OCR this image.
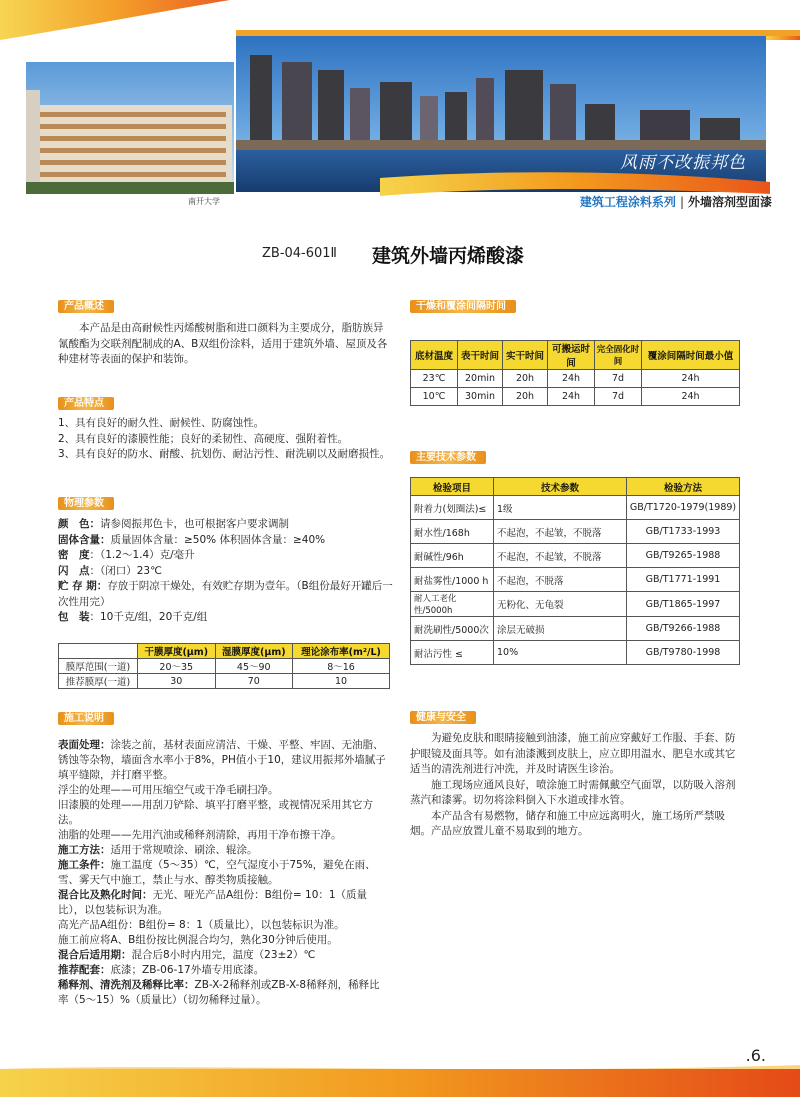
风雨不改振邦色
南开大学	建筑工程涂料系列 | 外墙溶剂型面漆
ZB-04-601Ⅱ 建筑外墙丙烯酸漆
产品概述
本产品是由高耐候性丙烯酸树脂和进口颜料为主要成分，脂肪族异氰酸酯为交联剂配制成的A、B双组份涂料，适用于建筑外墙、屋顶及各种建材等表面的保护和装饰。
产品特点
1、具有良好的耐久性、耐候性、防腐蚀性。
2、具有良好的漆膜性能；良好的柔韧性、高硬度、强附着性。
3、具有良好的防水、耐酸、抗划伤、耐沾污性、耐洗刷以及耐磨损性。
物理参数
颜　色：请参阅振邦色卡，也可根据客户要求调制
固体含量：质量固体含量：≥50% 体积固体含量：≥40%
密　度：（1.2～1.4）克/毫升
闪　点：（闭口）23℃
贮 存 期：存放于阴凉干燥处，有效贮存期为壹年。（B组份最好开罐后一次性用完）
包　装：10千克/组，20千克/组
	干膜厚度(μm)	湿膜厚度(μm)	理论涂布率(m²/L)
膜厚范围(一道)	20～35	45～90	8～16
推荐膜厚(一道)	30	70	10
施工说明
表面处理：涂装之前，基材表面应清洁、干燥、平整、牢固、无油脂、锈蚀等杂物，墙面含水率小于8%，PH值小于10，建议用振邦外墙腻子填平缝隙，并打磨平整。
浮尘的处理——可用压缩空气或干净毛刷扫净。
旧漆膜的处理——用刮刀铲除、填平打磨平整，或视情况采用其它方法。
油脂的处理——先用汽油或稀释剂清除，再用干净布擦干净。
施工方法：适用于常规喷涂、刷涂、辊涂。
施工条件：施工温度（5～35）℃，空气湿度小于75%，避免在雨、雪、雾天气中施工，禁止与水、醇类物质接触。
混合比及熟化时间：无光、哑光产品A组份：B组份= 10：1（质量比），以包装标识为准。
高光产品A组份：B组份= 8：1（质量比），以包装标识为准。
施工前应将A、B组份按比例混合均匀，熟化30分钟后使用。
混合后适用期：混合后8小时内用完，温度（23±2）℃
推荐配套：底漆；ZB-06-17外墙专用底漆。
稀释剂、清洗剂及稀释比率：ZB-X-2稀释剂或ZB-X-8稀释剂，稀释比率（5～15）%（质量比）（切勿稀释过量）。
干燥和覆涂间隔时间
底材温度	表干时间	实干时间	可搬运时间	完全固化时间	覆涂间隔时间最小值
23℃	20min	20h	24h	7d	24h
10℃	30min	20h	24h	7d	24h
主要技术参数
检验项目	技术参数	检验方法
附着力(划圈法)≤	1级	GB/T1720-1979(1989)
耐水性/168h	不起泡，不起皱，不脱落	GB/T1733-1993
耐碱性/96h	不起泡，不起皱，不脱落	GB/T9265-1988
耐盐雾性/1000 h	不起泡，不脱落	GB/T1771-1991
耐人工老化性/5000h	无粉化、无龟裂	GB/T1865-1997
耐洗刷性/5000次	涂层无破损	GB/T9266-1988
耐沾污性 ≤	10%	GB/T9780-1998
健康与安全
为避免皮肤和眼睛接触到油漆，施工前应穿戴好工作服、手套、防护眼镜及面具等。如有油漆溅到皮肤上，应立即用温水、肥皂水或其它适当的清洗剂进行冲洗，并及时请医生诊治。
施工现场应通风良好，喷涂施工时需佩戴空气面罩，以防吸入溶剂蒸汽和漆雾。切勿将涂料倒入下水道或排水管。
本产品含有易燃物，储存和施工中应远离明火，施工场所严禁吸烟。产品应放置儿童不易取到的地方。
.6.
